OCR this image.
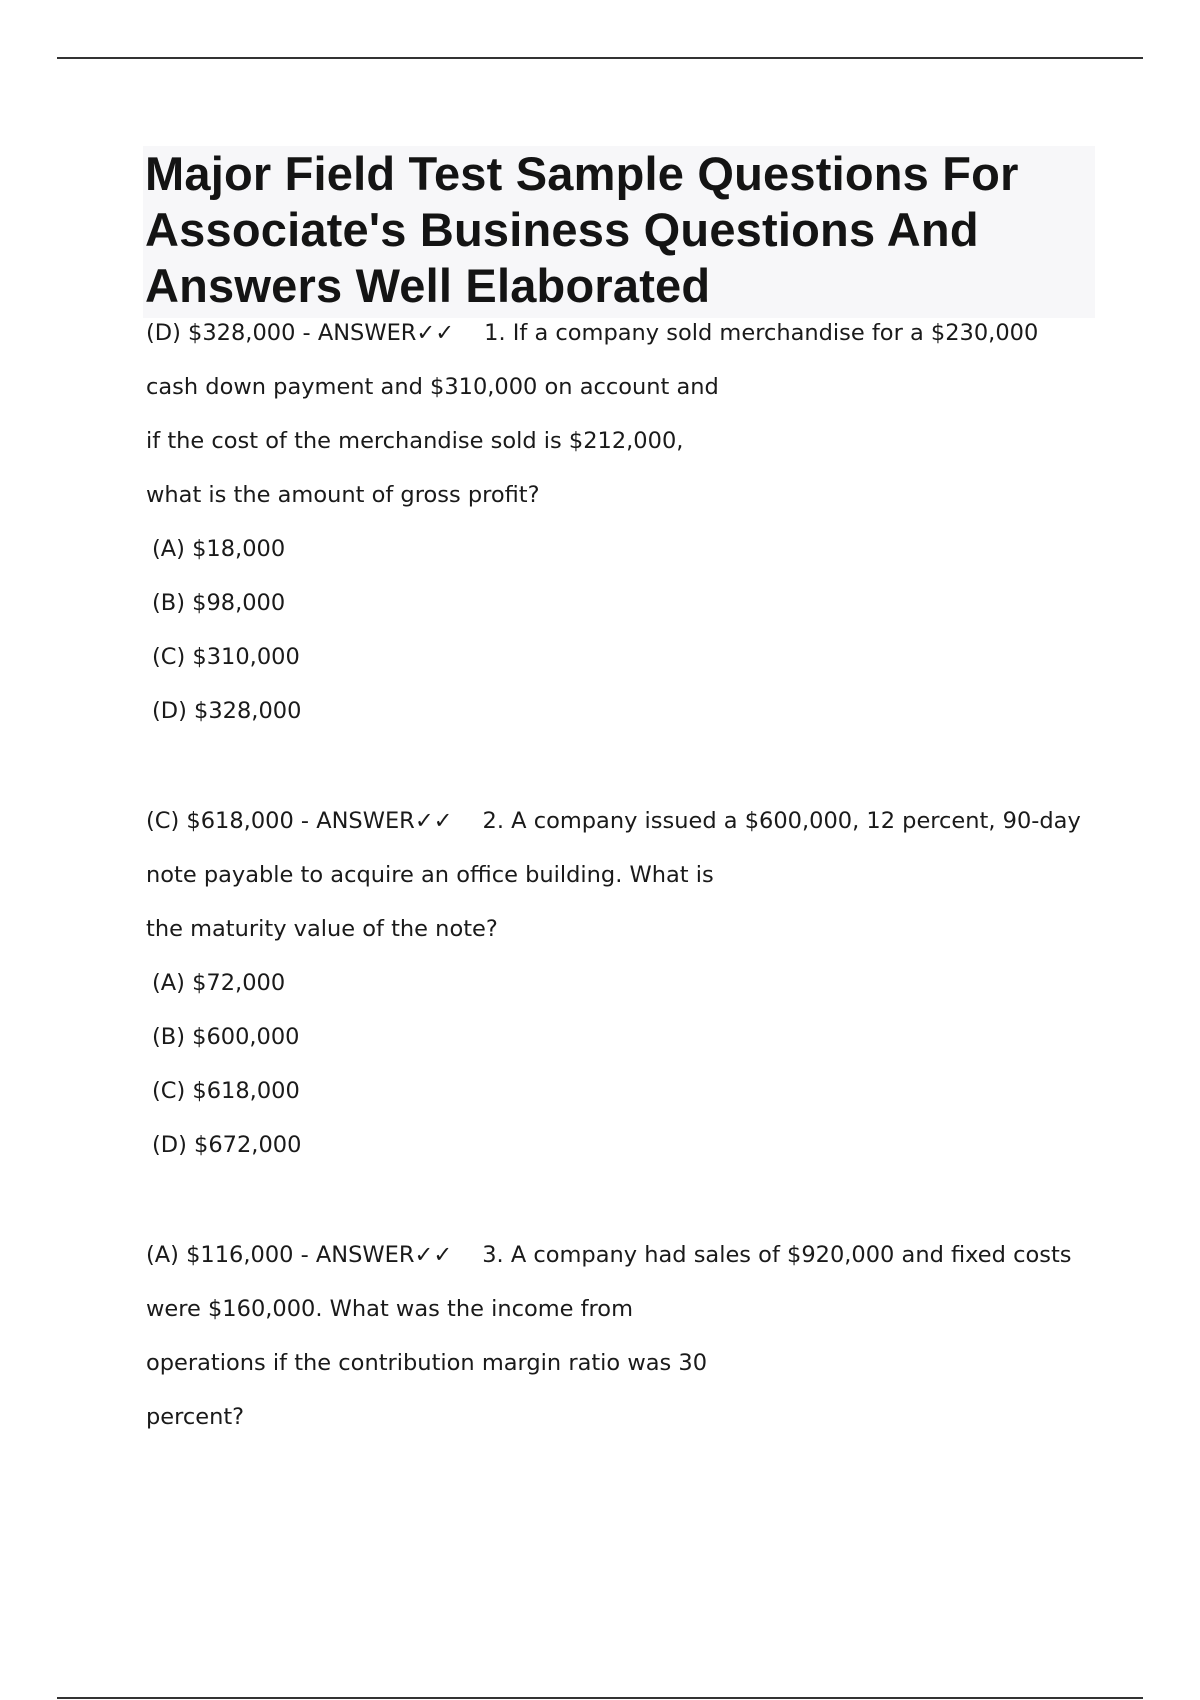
Major Field Test Sample Questions For Associate's Business Questions And Answers Well Elaborated
(D) $328,000 - ANSWER✓✓ 1. If a company sold merchandise for a $230,000
cash down payment and $310,000 on account and
if the cost of the merchandise sold is $212,000,
what is the amount of gross profit?
(A) $18,000
(B) $98,000
(C) $310,000
(D) $328,000
(C) $618,000 - ANSWER✓✓ 2. A company issued a $600,000, 12 percent, 90-day
note payable to acquire an office building. What is
the maturity value of the note?
(A) $72,000
(B) $600,000
(C) $618,000
(D) $672,000
(A) $116,000 - ANSWER✓✓ 3. A company had sales of $920,000 and fixed costs
were $160,000. What was the income from
operations if the contribution margin ratio was 30
percent?
